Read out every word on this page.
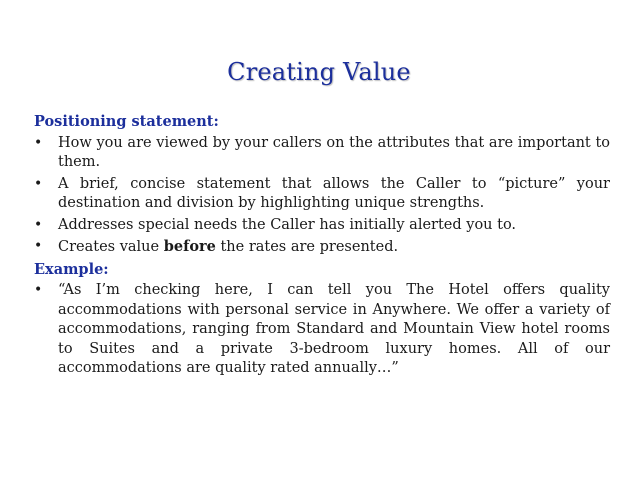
Creating Value
Positioning statement:
•	How you are viewed by your callers on the attributes that are important to them.
•	A brief, concise statement that allows the Caller to “picture” your destination and division by highlighting unique strengths.
•	Addresses special needs the Caller has initially alerted you to.
•	Creates value before the rates are presented.
Example:
•	“As I’m checking here, I can tell you The Hotel offers quality accommodations with personal service in Anywhere. We offer a variety of accommodations, ranging from Standard and Mountain View hotel rooms to Suites and a private 3-bedroom luxury homes. All of our accommodations are quality rated annually…”
